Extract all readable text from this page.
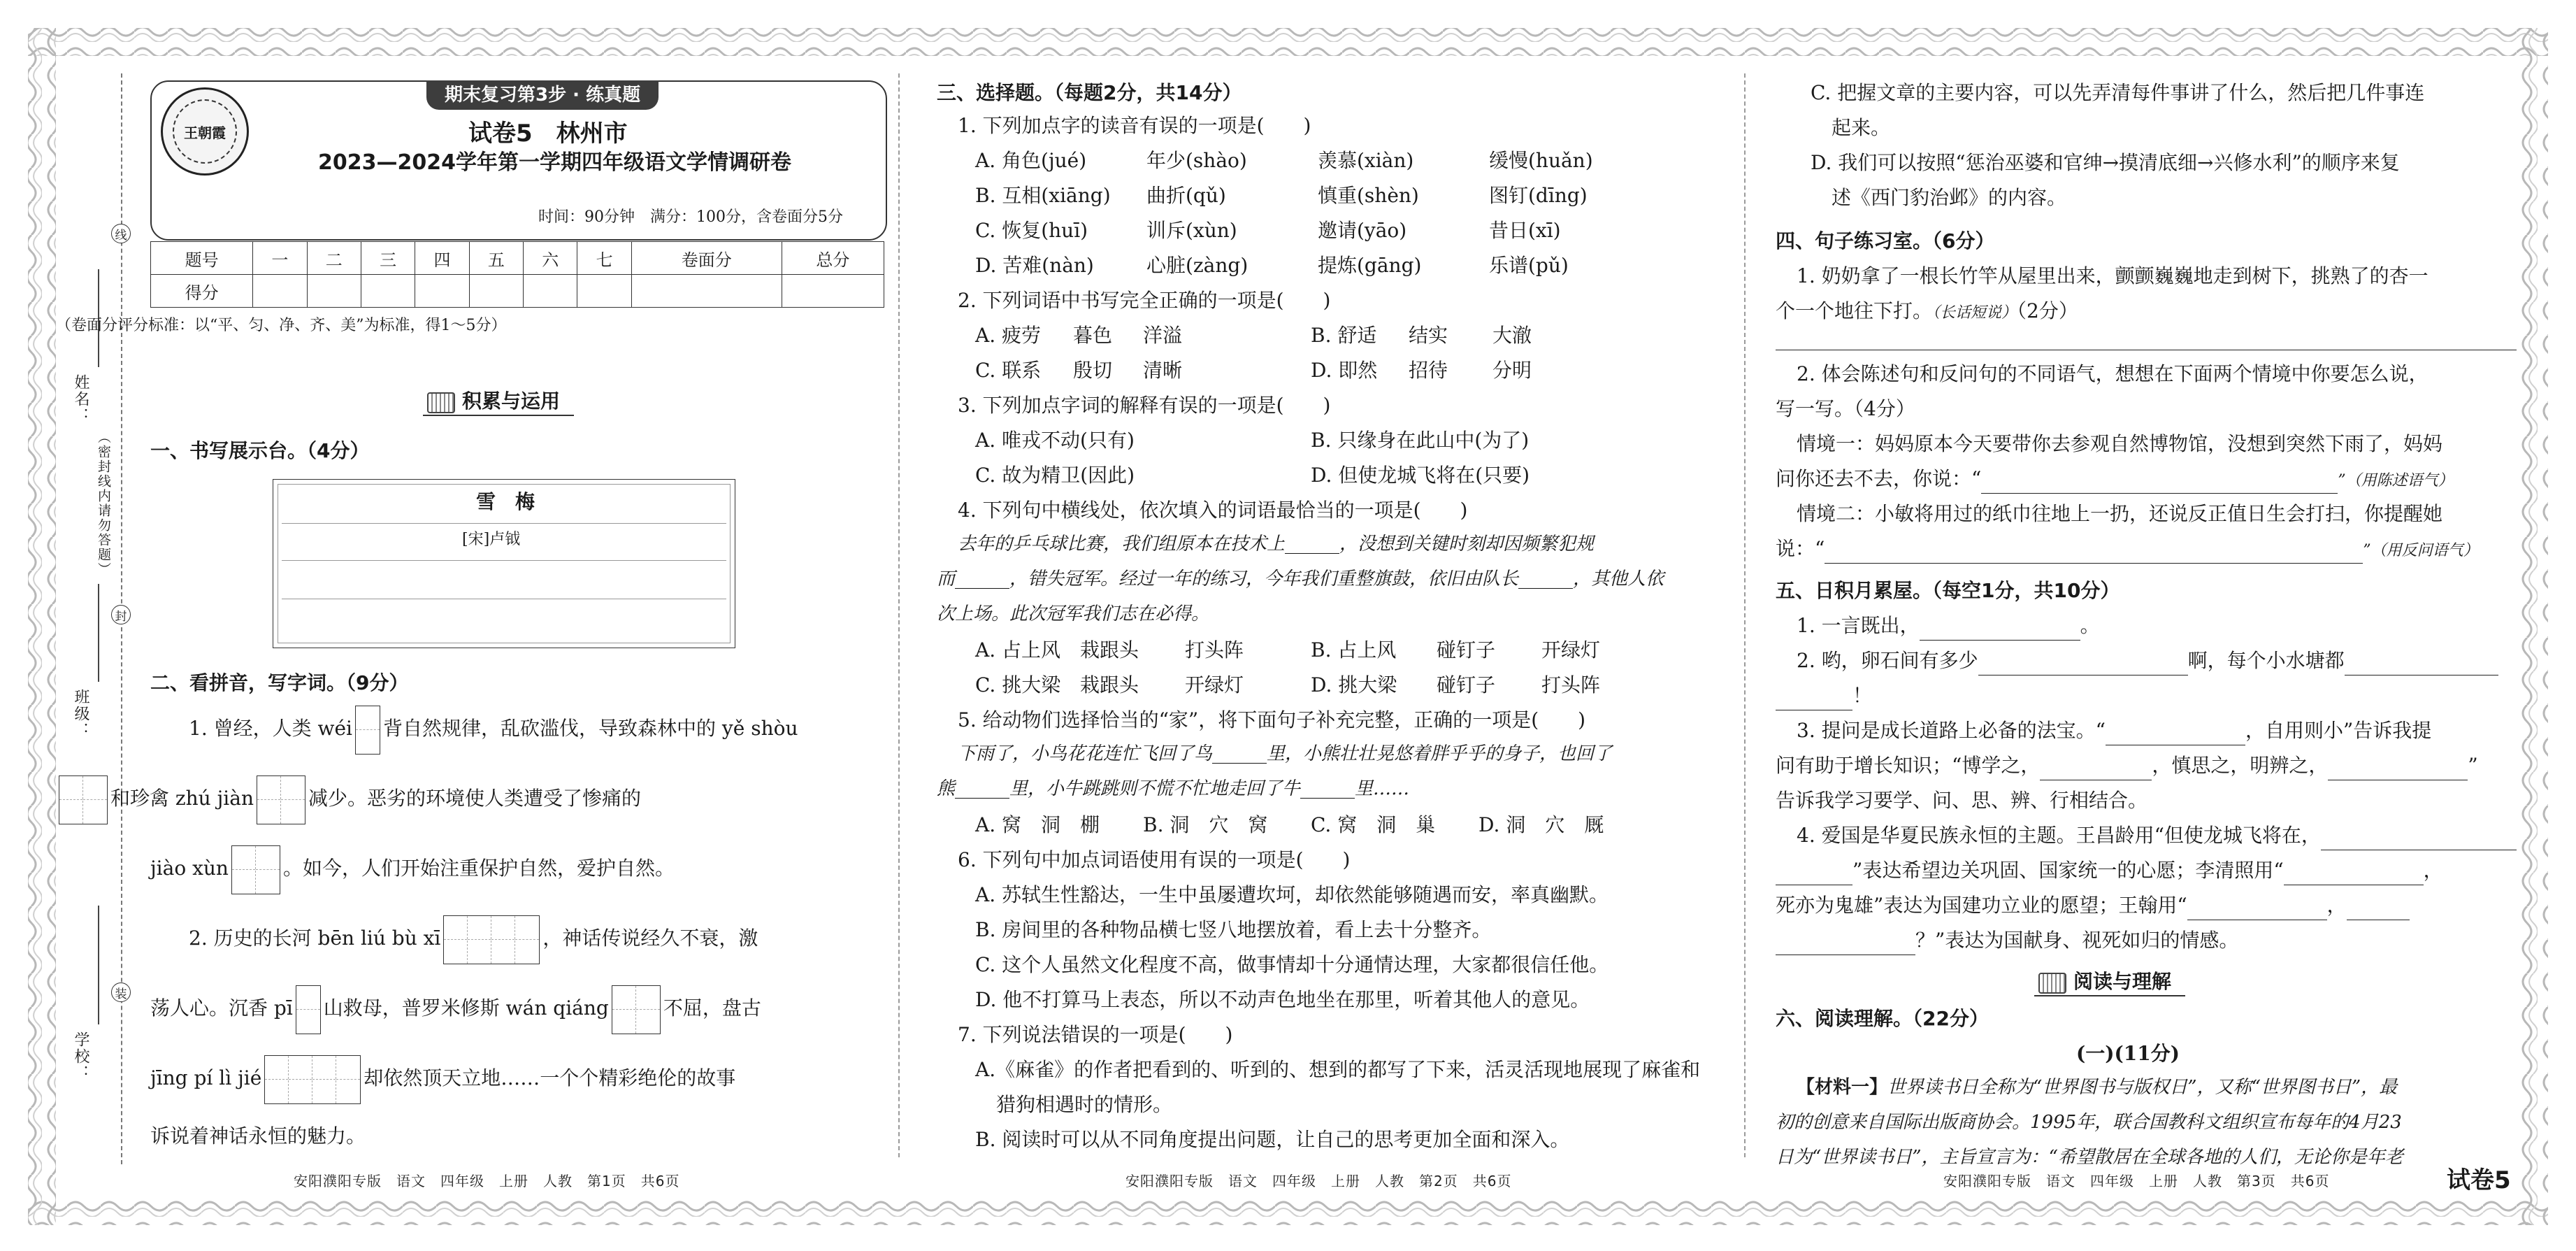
线
封
装
姓名：
（密封线内请勿答题）
班级：
学校：
期末复习第3步 · 练真题
王朝霞	试卷5　林州市
2023—2024学年第一学期四年级语文学情调研卷
时间：90分钟　满分：100分，含卷面分5分
题号	一	二	三	四	五	六	七	卷面分	总分
得分									
（卷面分评分标准：以“平、匀、净、齐、美”为标准，得1～5分）
积累与运用
一、书写展示台。（4分）
雪　梅
[宋]卢钺
二、看拼音，写字词。（9分）
1. 曾经，人类 wéi 背自然规律，乱砍滥伐，导致森林中的 yě shòu
和珍禽 zhú jiàn	减少。恶劣的环境使人类遭受了惨痛的
jiào xùn	。如今，人们开始注重保护自然，爱护自然。
2. 历史的长河 bēn liú bù xī	，神话传说经久不衰，激
荡人心。沉香 pī 山救母，普罗米修斯 wán qiáng	不屈，盘古
jīng pí lì jié	却依然顶天立地……一个个精彩绝伦的故事
诉说着神话永恒的魅力。
安阳濮阳专版　语文　四年级　上册　人教　第1页　共6页
三、选择题。（每题2分，共14分）
1. 下列加点字的读音有误的一项是(　　)
A. 角色(jué)	年少(shào)	羡慕(xiàn)	缓慢(huǎn)
B. 互相(xiāng) 曲折(qǔ)	慎重(shèn)	图钉(dīng)
C. 恢复(huī)	训斥(xùn)	邀请(yāo)	昔日(xī)
D. 苦难(nàn)	心脏(zàng)	提炼(gāng)	乐谱(pǔ)
2. 下列词语中书写完全正确的一项是(　　)
A. 疲劳 暮色 洋溢	B. 舒适 结实 大澈
C. 联系 殷切 清晰	D. 即然 招待 分明
3. 下列加点字词的解释有误的一项是(　　)
A. 唯戎不动(只有)	B. 只缘身在此山中(为了)
C. 故为精卫(因此)	D. 但使龙城飞将在(只要)
4. 下列句中横线处，依次填入的词语最恰当的一项是(　　)
去年的乒乓球比赛，我们组原本在技术上______，没想到关键时刻却因频繁犯规
而______，错失冠军。经过一年的练习，今年我们重整旗鼓，依旧由队长______，其他人依
次上场。此次冠军我们志在必得。
A. 占上风 栽跟头 打头阵	B. 占上风 碰钉子 开绿灯
C. 挑大梁 栽跟头 开绿灯	D. 挑大梁 碰钉子 打头阵
5. 给动物们选择恰当的“家”，将下面句子补充完整，正确的一项是(　　)
下雨了，小鸟花花连忙飞回了鸟______里，小熊壮壮晃悠着胖乎乎的身子，也回了
熊______里，小牛跳跳则不慌不忙地走回了牛______里……
A. 窝　洞　棚 B. 洞　穴　窝 C. 窝　洞　巢 D. 洞　穴　厩
6. 下列句中加点词语使用有误的一项是(　　)
A. 苏轼生性豁达，一生中虽屡遭坎坷，却依然能够随遇而安，率真幽默。
B. 房间里的各种物品横七竖八地摆放着，看上去十分整齐。
C. 这个人虽然文化程度不高，做事情却十分通情达理，大家都很信任他。
D. 他不打算马上表态，所以不动声色地坐在那里，听着其他人的意见。
7. 下列说法错误的一项是(　　)
A.《麻雀》的作者把看到的、听到的、想到的都写了下来，活灵活现地展现了麻雀和
猎狗相遇时的情形。
B. 阅读时可以从不同角度提出问题，让自己的思考更加全面和深入。
安阳濮阳专版　语文　四年级　上册　人教　第2页　共6页
C. 把握文章的主要内容，可以先弄清每件事讲了什么，然后把几件事连
起来。
D. 我们可以按照“惩治巫婆和官绅→摸清底细→兴修水利”的顺序来复
述《西门豹治邺》的内容。
四、句子练习室。（6分）
1. 奶奶拿了一根长竹竿从屋里出来，颤颤巍巍地走到树下，挑熟了的杏一
个一个地往下打。（长话短说）（2分）
2. 体会陈述句和反问句的不同语气，想想在下面两个情境中你要怎么说，
写一写。（4分）
情境一：妈妈原本今天要带你去参观自然博物馆，没想到突然下雨了，妈妈
问你还去不去，你说：“	”（用陈述语气）
情境二：小敏将用过的纸巾往地上一扔，还说反正值日生会打扫，你提醒她
说：“	”（用反问语气）
五、日积月累屋。（每空1分，共10分）
1. 一言既出，	。
2. 哟，卵石间有多少	啊，每个小水塘都
！
3. 提问是成长道路上必备的法宝。“	，自用则小”告诉我提
问有助于增长知识；“博学之，	，慎思之，明辨之，	”
告诉我学习要学、问、思、辨、行相结合。
4. 爱国是华夏民族永恒的主题。王昌龄用“但使龙城飞将在，
”表达希望边关巩固、国家统一的心愿；李清照用“	，
死亦为鬼雄”表达为国建功立业的愿望；王翰用“	，
？”表达为国献身、视死如归的情感。
阅读与理解
六、阅读理解。（22分）
(一)(11分)
【材料一】世界读书日全称为“世界图书与版权日”，又称“世界图书日”，最
初的创意来自国际出版商协会。1995年，联合国教科文组织宣布每年的4月23
日为“世界读书日”，主旨宣言为：“希望散居在全球各地的人们，无论你是年老
安阳濮阳专版　语文　四年级　上册　人教　第3页　共6页	试卷5
